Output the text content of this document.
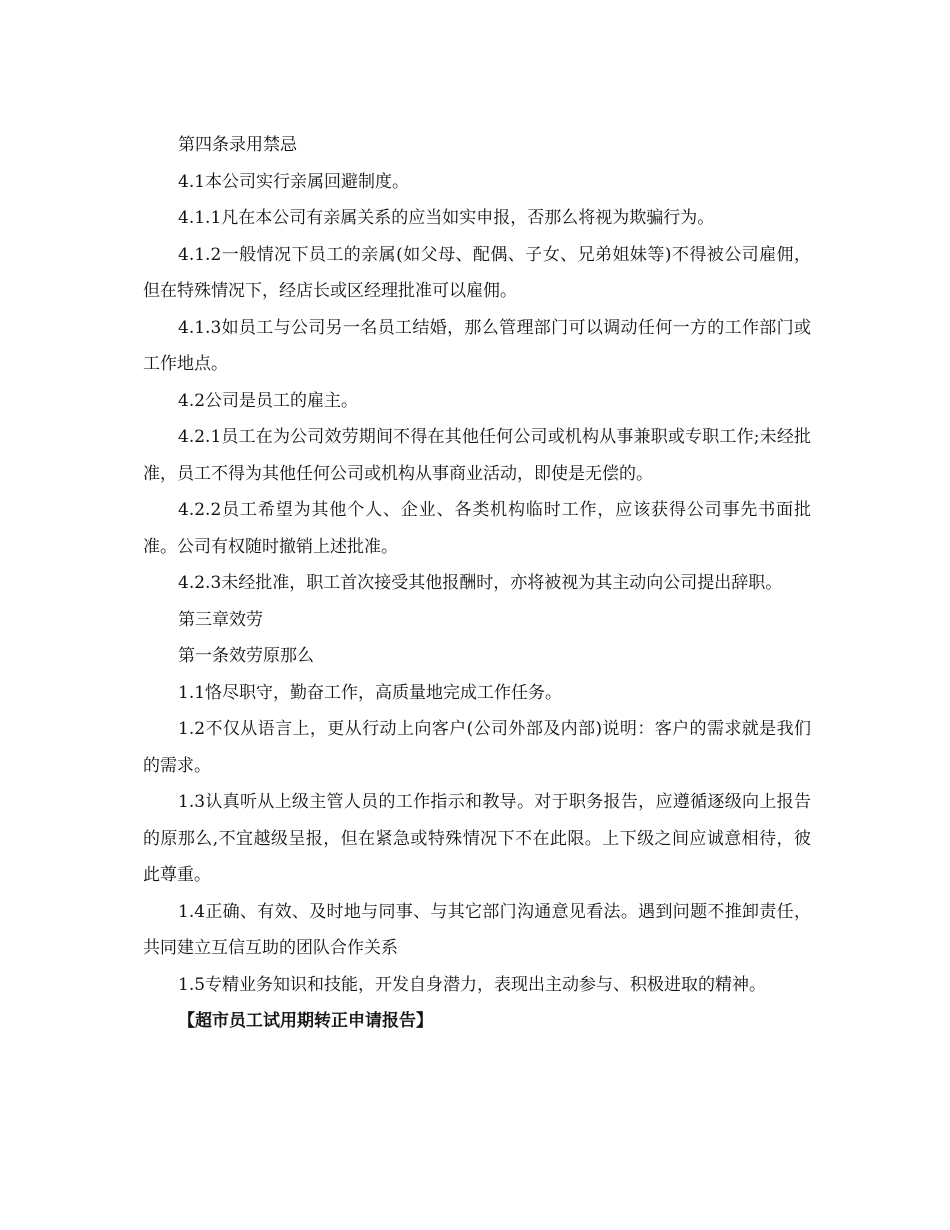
第四条录用禁忌

4.1本公司实行亲属回避制度。

4.1.1凡在本公司有亲属关系的应当如实申报，否那么将视为欺骗行为。

4.1.2一般情况下员工的亲属(如父母、配偶、子女、兄弟姐妹等)不得被公司雇佣，但在特殊情况下，经店长或区经理批准可以雇佣。

4.1.3如员工与公司另一名员工结婚，那么管理部门可以调动任何一方的工作部门或工作地点。

4.2公司是员工的雇主。

4.2.1员工在为公司效劳期间不得在其他任何公司或机构从事兼职或专职工作;未经批准，员工不得为其他任何公司或机构从事商业活动，即使是无偿的。

4.2.2员工希望为其他个人、企业、各类机构临时工作，应该获得公司事先书面批准。公司有权随时撤销上述批准。

4.2.3未经批准，职工首次接受其他报酬时，亦将被视为其主动向公司提出辞职。

第三章效劳

第一条效劳原那么

1.1恪尽职守，勤奋工作，高质量地完成工作任务。

1.2不仅从语言上，更从行动上向客户(公司外部及内部)说明：客户的需求就是我们的需求。

1.3认真听从上级主管人员的工作指示和教导。对于职务报告，应遵循逐级向上报告的原那么,不宜越级呈报，但在紧急或特殊情况下不在此限。上下级之间应诚意相待，彼此尊重。

1.4正确、有效、及时地与同事、与其它部门沟通意见看法。遇到问题不推卸责任，共同建立互信互助的团队合作关系

1.5专精业务知识和技能，开发自身潜力，表现出主动参与、积极进取的精神。

【超市员工试用期转正申请报告】
